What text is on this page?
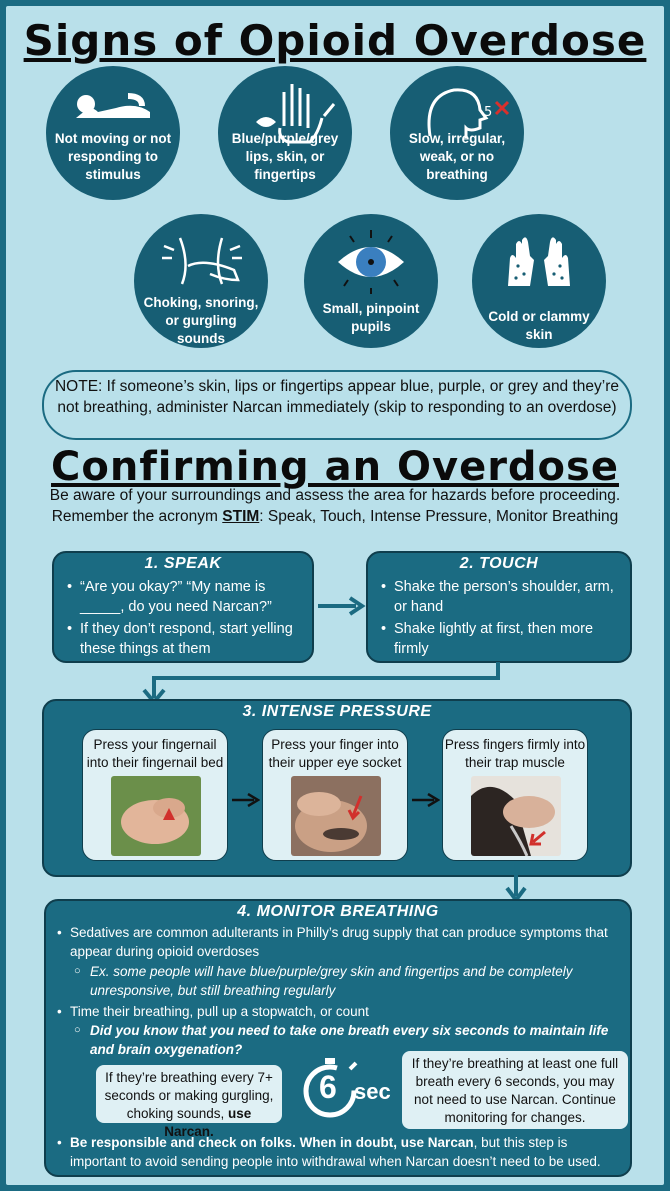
Signs of Opioid Overdose
Not moving or not responding to stimulus
Blue/purple/grey lips, skin, or fingertips
5
Slow, irregular, weak, or no breathing
Choking, snoring, or gurgling sounds
Small, pinpoint pupils
Cold or clammy skin
NOTE: If someone’s skin, lips or fingertips appear blue, purple, or grey and they’re not breathing, administer Narcan immediately (skip to responding to an overdose)
Confirming an Overdose
Be aware of your surroundings and assess the area for hazards before proceeding. Remember the acronym STIM: Speak, Touch, Intense Pressure, Monitor Breathing
1. SPEAK
• “Are you okay?” “My name is _____, do you need Narcan?”
• If they don’t respond, start yelling these things at them
2. TOUCH
• Shake the person’s shoulder, arm, or hand
• Shake lightly at first, then more firmly
3. INTENSE PRESSURE
Press your fingernail into their fingernail bed
Press your finger into their upper eye socket
Press fingers firmly into their trap muscle
4. MONITOR BREATHING
• Sedatives are common adulterants in Philly’s drug supply that can produce symptoms that appear during opioid overdoses
○ Ex. some people will have blue/purple/grey skin and fingertips and be completely unresponsive, but still breathing regularly
• Time their breathing, pull up a stopwatch, or count
○ Did you know that you need to take one breath every six seconds to maintain life and brain oxygenation?
If they’re breathing every 7+ seconds or making gurgling, choking sounds, use Narcan.
6 sec
If they’re breathing at least one full breath every 6 seconds, you may not need to use Narcan. Continue monitoring for changes.
• Be responsible and check on folks. When in doubt, use Narcan, but this step is important to avoid sending people into withdrawal when Narcan doesn’t need to be used.
